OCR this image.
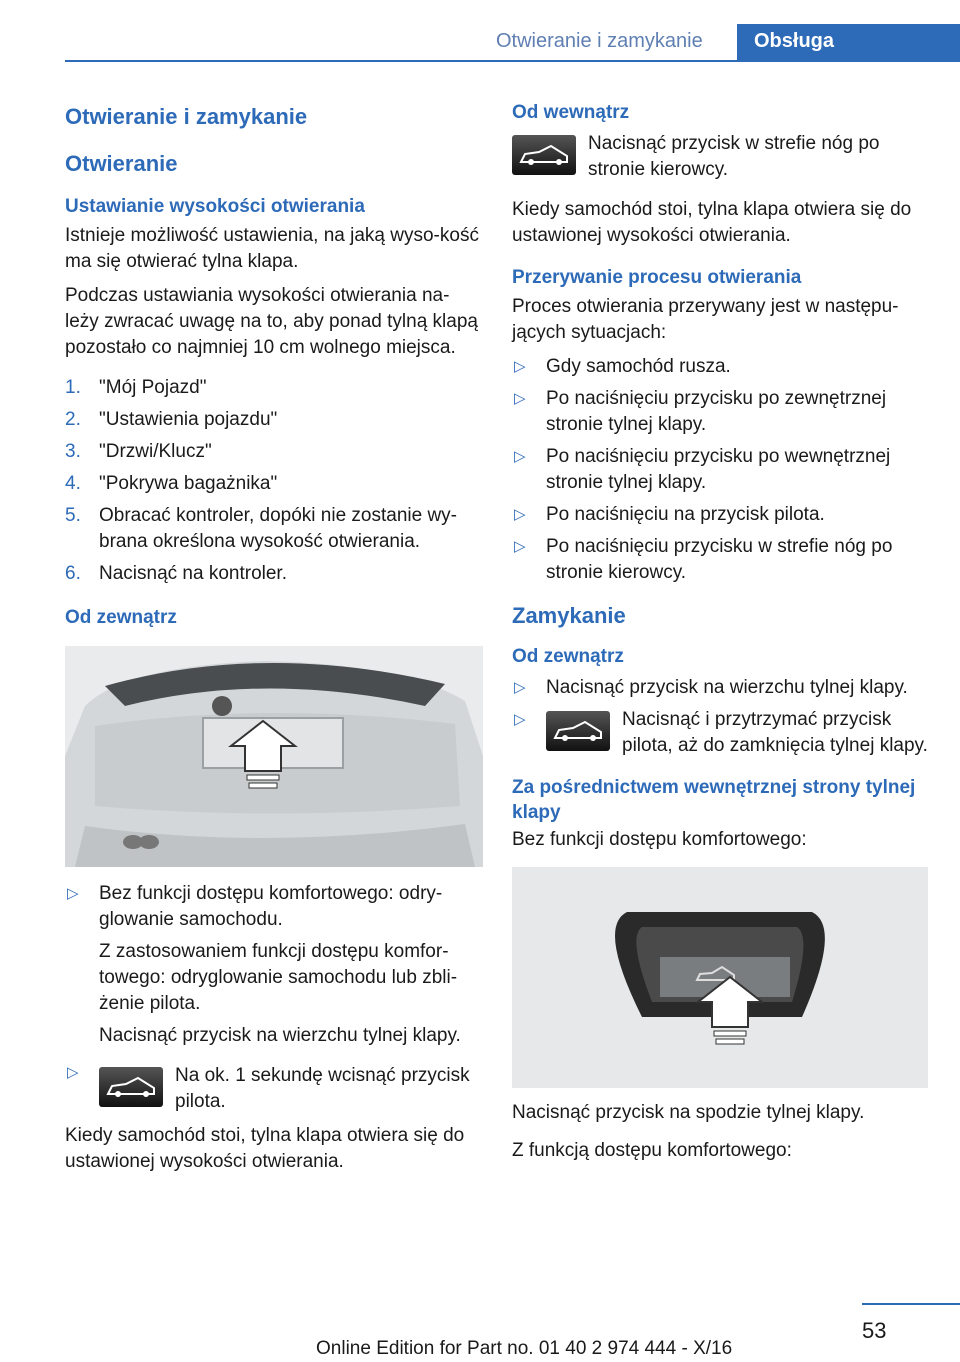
Otwieranie i zamykanie	Obsługa
Otwieranie i zamykanie
Otwieranie
Ustawianie wysokości otwierania

Istnieje możliwość ustawienia, na jaką wyso‐kość ma się otwierać tylna klapa.

Podczas ustawiania wysokości otwierania na‐leży zwracać uwagę na to, aby ponad tylną klapą pozostało co najmniej 10 cm wolnego miejsca.

1. "Mój Pojazd"
2. "Ustawienia pojazdu"
3. "Drzwi/Klucz"
4. "Pokrywa bagażnika"
5. Obracać kontroler, dopóki nie zostanie wy‐brana określona wysokość otwierania.
6. Nacisnąć na kontroler.
Od zewnątrz
▷ Bez funkcji dostępu komfortowego: odry‐glowanie samochodu.
Z zastosowaniem funkcji dostępu komfor‐towego: odryglowanie samochodu lub zbli‐żenie pilota.
Nacisnąć przycisk na wierzchu tylnej klapy.
▷	Na ok. 1 sekundę wcisnąć przycisk pilota.

Kiedy samochód stoi, tylna klapa otwiera się do ustawionej wysokości otwierania.

Od wewnątrz

Nacisnąć przycisk w strefie nóg po stronie kierowcy.

Kiedy samochód stoi, tylna klapa otwiera się do ustawionej wysokości otwierania.

Przerywanie procesu otwierania

Proces otwierania przerywany jest w następu‐jących sytuacjach:

▷ Gdy samochód rusza.
▷ Po naciśnięciu przycisku po zewnętrznej stronie tylnej klapy.
▷ Po naciśnięciu przycisku po wewnętrznej stronie tylnej klapy.
▷ Po naciśnięciu na przycisk pilota.
▷ Po naciśnięciu przycisku w strefie nóg po stronie kierowcy.
Zamykanie
Od zewnątrz
▷ Nacisnąć przycisk na wierzchu tylnej klapy.
▷	Nacisnąć i przytrzymać przycisk pilota, aż do zamknięcia tylnej klapy.
Za pośrednictwem wewnętrznej strony tylnej klapy

Bez funkcji dostępu komfortowego:

Nacisnąć przycisk na spodzie tylnej klapy.

Z funkcją dostępu komfortowego:

53
Online Edition for Part no. 01 40 2 974 444 - X/16
